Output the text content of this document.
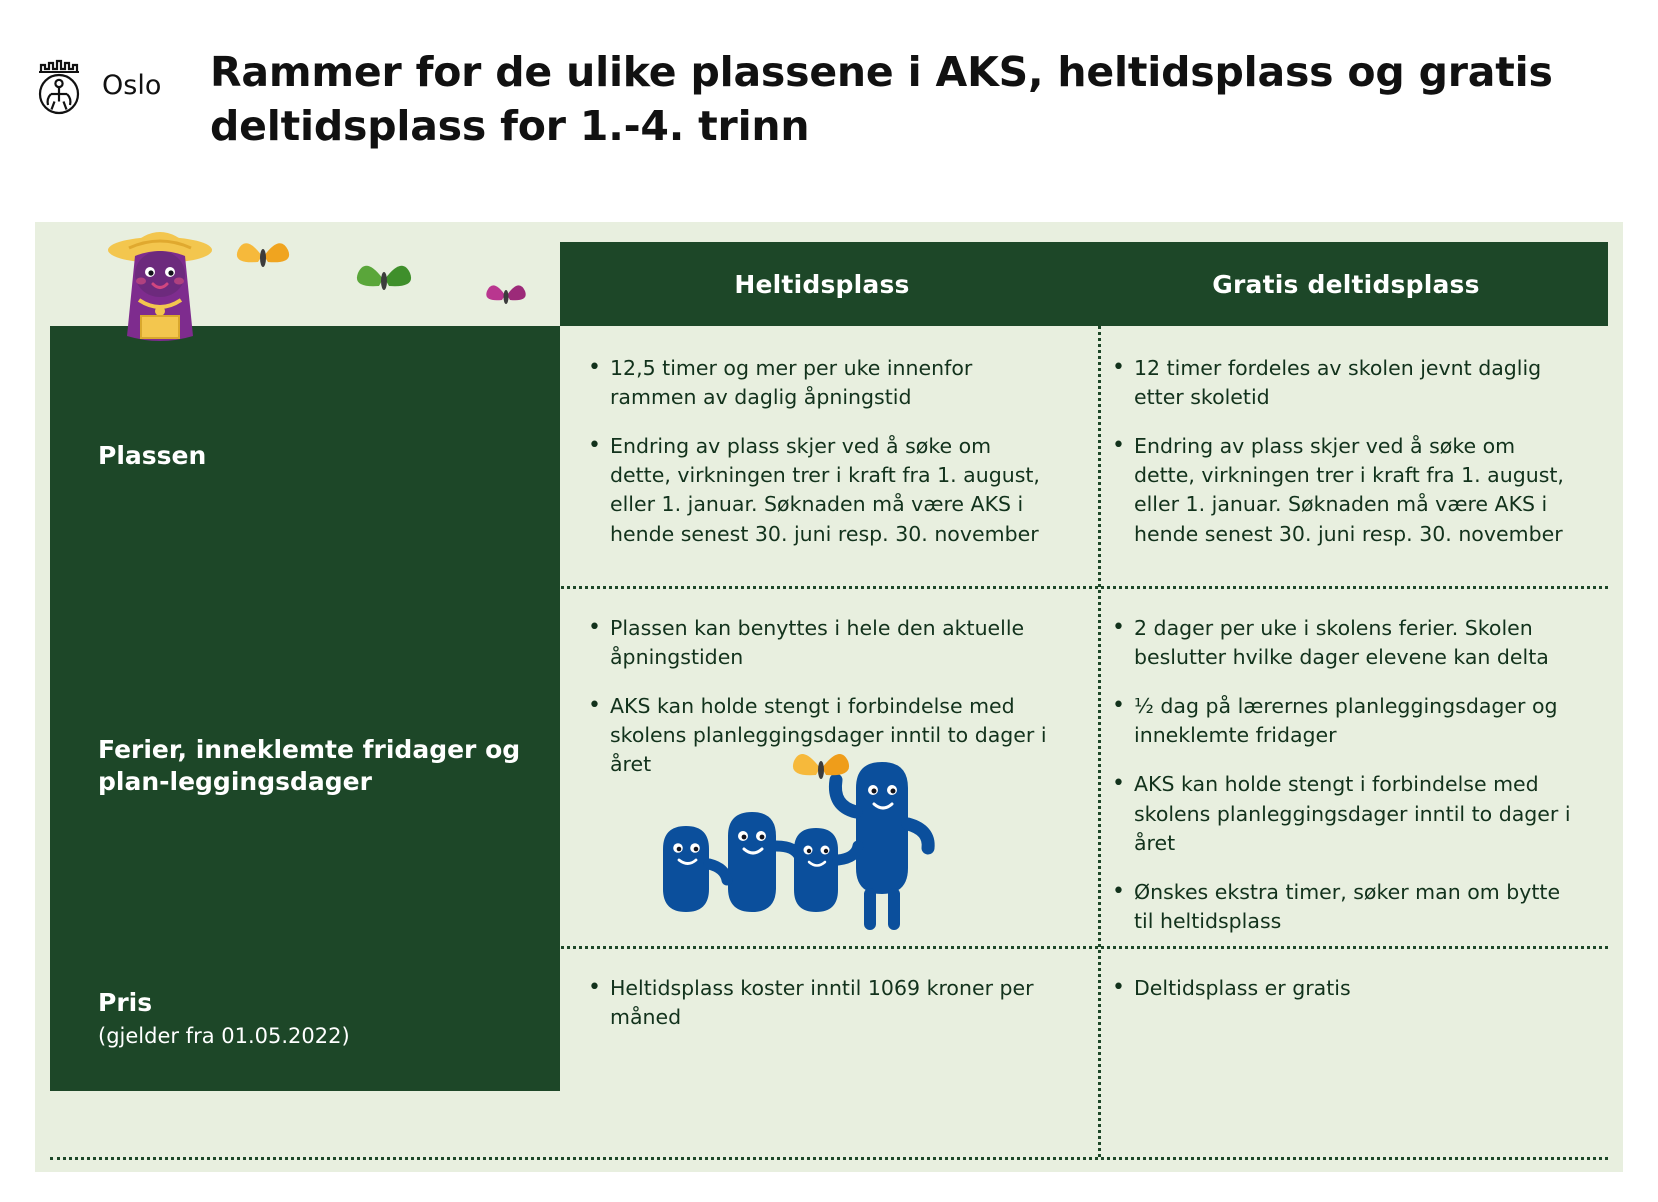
Oslo Rammer for de ulike plassene i AKS, heltidsplass og gratis deltidsplass for 1.-4. trinn
Heltidsplass	Gratis deltidsplass
Plassen
• 12,5 timer og mer per uke innenfor rammen av daglig åpningstid
• Endring av plass skjer ved å søke om dette, virkningen trer i kraft fra 1. august, eller 1. januar. Søknaden må være AKS i hende senest 30. juni resp. 30. november
• 12 timer fordeles av skolen jevnt daglig etter skoletid
• Endring av plass skjer ved å søke om dette, virkningen trer i kraft fra 1. august, eller 1. januar. Søknaden må være AKS i hende senest 30. juni resp. 30. november
Ferier, inneklemte fridager og plan-leggingsdager
• Plassen kan benyttes i hele den aktuelle åpningstiden
• AKS kan holde stengt i forbindelse med skolens planleggingsdager inntil to dager i året
• 2 dager per uke i skolens ferier. Skolen beslutter hvilke dager elevene kan delta
• ½ dag på lærernes planleggingsdager og inneklemte fridager
• AKS kan holde stengt i forbindelse med skolens planleggingsdager inntil to dager i året
• Ønskes ekstra timer, søker man om bytte til heltidsplass
Pris
(gjelder fra 01.05.2022)
• Heltidsplass koster inntil 1069 kroner per måned
• Deltidsplass er gratis
